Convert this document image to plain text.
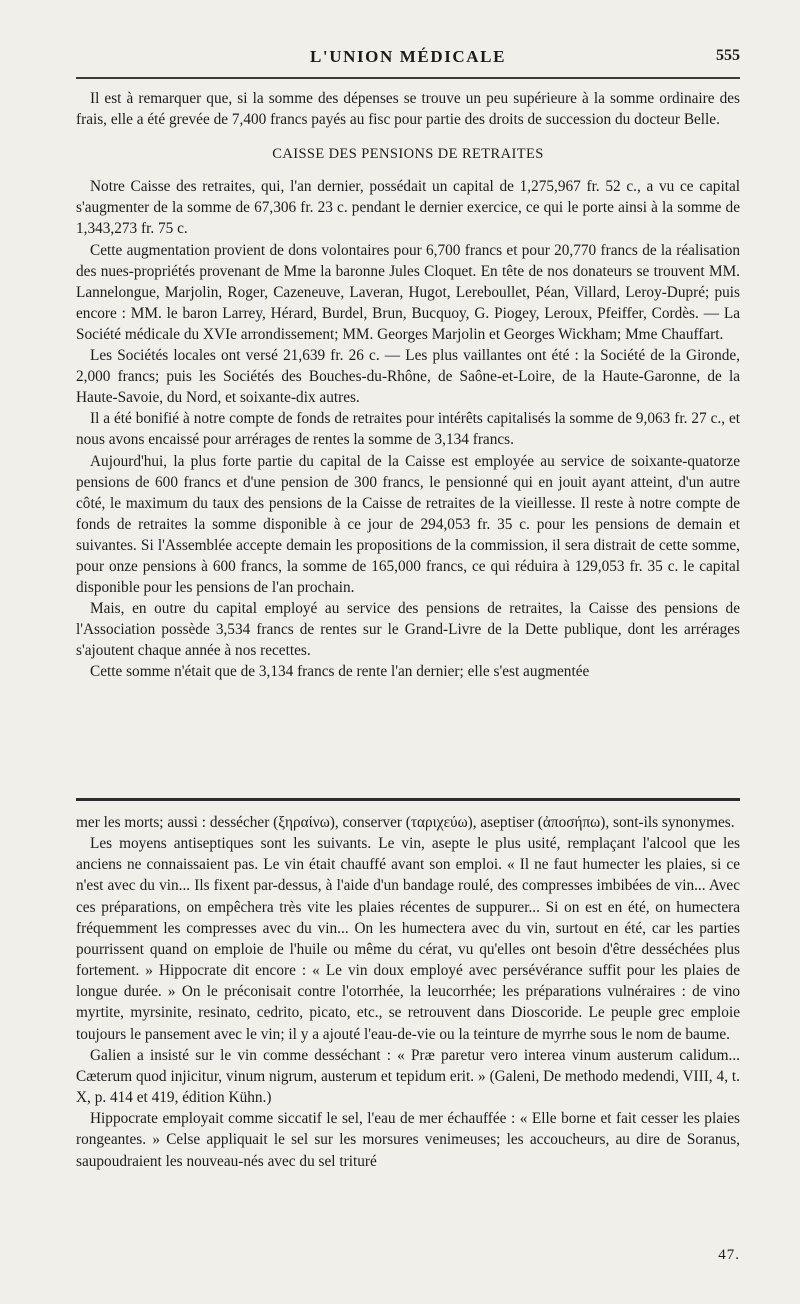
L'UNION MÉDICALE	555

Il est à remarquer que, si la somme des dépenses se trouve un peu supérieure à la somme ordinaire des frais, elle a été grevée de 7,400 francs payés au fisc pour partie des droits de succession du docteur Belle.

CAISSE DES PENSIONS DE RETRAITES

Notre Caisse des retraites, qui, l'an dernier, possédait un capital de 1,275,967 fr. 52 c., a vu ce capital s'augmenter de la somme de 67,306 fr. 23 c. pendant le dernier exercice, ce qui le porte ainsi à la somme de 1,343,273 fr. 75 c.

Cette augmentation provient de dons volontaires pour 6,700 francs et pour 20,770 francs de la réalisation des nues-propriétés provenant de Mme la baronne Jules Cloquet. En tête de nos donateurs se trouvent MM. Lannelongue, Marjolin, Roger, Cazeneuve, Laveran, Hugot, Lereboullet, Péan, Villard, Leroy-Dupré; puis encore : MM. le baron Larrey, Hérard, Burdel, Brun, Bucquoy, G. Piogey, Leroux, Pfeiffer, Cordès. — La Société médicale du XVIe arrondissement; MM. Georges Marjolin et Georges Wickham; Mme Chauffart.

Les Sociétés locales ont versé 21,639 fr. 26 c. — Les plus vaillantes ont été : la Société de la Gironde, 2,000 francs; puis les Sociétés des Bouches-du-Rhône, de Saône-et-Loire, de la Haute-Garonne, de la Haute-Savoie, du Nord, et soixante-dix autres.

Il a été bonifié à notre compte de fonds de retraites pour intérêts capitalisés la somme de 9,063 fr. 27 c., et nous avons encaissé pour arrérages de rentes la somme de 3,134 francs.

Aujourd'hui, la plus forte partie du capital de la Caisse est employée au service de soixante-quatorze pensions de 600 francs et d'une pension de 300 francs, le pensionné qui en jouit ayant atteint, d'un autre côté, le maximum du taux des pensions de la Caisse de retraites de la vieillesse. Il reste à notre compte de fonds de retraites la somme disponible à ce jour de 294,053 fr. 35 c. pour les pensions de demain et suivantes. Si l'Assemblée accepte demain les propositions de la commission, il sera distrait de cette somme, pour onze pensions à 600 francs, la somme de 165,000 francs, ce qui réduira à 129,053 fr. 35 c. le capital disponible pour les pensions de l'an prochain.

Mais, en outre du capital employé au service des pensions de retraites, la Caisse des pensions de l'Association possède 3,534 francs de rentes sur le Grand-Livre de la Dette publique, dont les arrérages s'ajoutent chaque année à nos recettes.

Cette somme n'était que de 3,134 francs de rente l'an dernier; elle s'est augmentée

mer les morts; aussi : dessécher (ξηραίνω), conserver (ταριχεύω), aseptiser (ἀποσήπω), sont-ils synonymes.

Les moyens antiseptiques sont les suivants. Le vin, asepte le plus usité, remplaçant l'alcool que les anciens ne connaissaient pas. Le vin était chauffé avant son emploi. « Il ne faut humecter les plaies, si ce n'est avec du vin... Ils fixent par-dessus, à l'aide d'un bandage roulé, des compresses imbibées de vin... Avec ces préparations, on empêchera très vite les plaies récentes de suppurer... Si on est en été, on humectera fréquemment les compresses avec du vin... On les humectera avec du vin, surtout en été, car les parties pourrissent quand on emploie de l'huile ou même du cérat, vu qu'elles ont besoin d'être desséchées plus fortement. » Hippocrate dit encore : « Le vin doux employé avec persévérance suffit pour les plaies de longue durée. » On le préconisait contre l'otorrhée, la leucorrhée; les préparations vulnéraires : de vino myrtite, myrsinite, resinato, cedrito, picato, etc., se retrouvent dans Dioscoride. Le peuple grec emploie toujours le pansement avec le vin; il y a ajouté l'eau-de-vie ou la teinture de myrrhe sous le nom de baume.

Galien a insisté sur le vin comme desséchant : « Præ paretur vero interea vinum austerum calidum... Cæterum quod injicitur, vinum nigrum, austerum et tepidum erit. » (Galeni, De methodo medendi, VIII, 4, t. X, p. 414 et 419, édition Kühn.)

Hippocrate employait comme siccatif le sel, l'eau de mer échauffée : « Elle borne et fait cesser les plaies rongeantes. » Celse appliquait le sel sur les morsures venimeuses; les accoucheurs, au dire de Soranus, saupoudraient les nouveau-nés avec du sel trituré

47.
